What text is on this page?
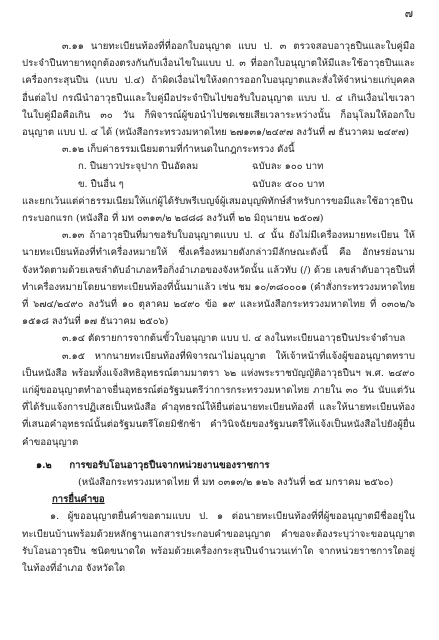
๗

๓.๑๑ นายทะเบียนท้องที่ที่ออกใบอนุญาต แบบ ป. ๓ ตรวจสอบอาวุธปืนและใบคู่มือประจำปืนทายาทถูกต้องตรงกันกับเงื่อนไขในแบบ ป. ๓ ที่ออกใบอนุญาตให้มีและใช้อาวุธปืนและเครื่องกระสุนปืน (แบบ ป.๔) ถ้าผิดเงื่อนไขให้งดการออกใบอนุญาตและสั่งให้จำหน่ายแก่บุคคลอื่นต่อไป กรณีนำอาวุธปืนและใบคู่มือประจำปืนไปขอรับใบอนุญาต แบบ ป. ๔ เกินเงื่อนไขเวลาในใบคู่มือคือเกิน ๓๐ วัน ก็พิจารณ์ผู้ขอนำไปชดเชยเสียเวลาระหว่างนั้น ก็อนุโลมให้ออกใบอนุญาต แบบ ป. ๔ ได้ (หนังสือกระทรวงมหาดไทย ๒๗๑๓๑/๒๔๙๗ ลงวันที่ ๗ ธันวาคม ๒๔๙๗)

๓.๑๒ เก็บค่าธรรมเนียมตามที่กำหนดในกฎกระทรวง ดังนี้

ก. ปืนยาวประจุปาก ปืนอัดลม	ฉบับละ ๑๐๐ บาท
ข. ปืนอื่น ๆ	ฉบับละ ๕๐๐ บาท

และยกเว้นแต่ค่าธรรมเนียมให้แก่ผู้ได้รับพรีเบญจ์ผู้เสมอบุญพิทักษ์สำหรับการขอมีและใช้อาวุธปืนกระบอกแรก (หนังสือ ที่ มท ๐๓๑๓/๒ ๒๘๘๘ ลงวันที่ ๒๒ มิถุนายน ๒๕๐๗)

๓.๑๓ ถ้าอาวุธปืนที่มาขอรับใบอนุญาตแบบ ป. ๔ นั้น ยังไม่มีเครื่องหมายทะเบียน ให้นายทะเบียนท้องที่ทำเครื่องหมายให้ ซึ่งเครื่องหมายดังกล่าวมีลักษณะดังนี้ คือ อักษรย่อนาม จังหวัดตามด้วยเลขลำดับอำเภอหรือกิ่งอำเภอของจังหวัดนั้น แล้วทับ (/) ด้วย เลขลำดับอาวุธปืนที่ทำเครื่องหมายโดยนายทะเบียนท้องที่นั้นมาแล้ว เช่น ชม ๑๐/๓๘๐๐๐๑ (คำสั่งกระทรวงมหาดไทย ที่ ๖๗๔/๒๔๙๐ ลงวันที่ ๑๐ ตุลาคม ๒๔๙๐ ข้อ ๑๙ และหนังสือกระทรวงมหาดไทย ที่ ๐๓๐๒/๖ ๑๕๑๘ ลงวันที่ ๑๗ ธันวาคม ๒๕๐๖)

๓.๑๔ ตัดรายการจากต้นขั้วใบอนุญาต แบบ ป. ๔ ลงในทะเบียนอาวุธปืนประจำตำบล

๓.๑๕ หากนายทะเบียนท้องที่พิจารณาไม่อนุญาต ให้เจ้าหน้าที่แจ้งผู้ขออนุญาตทราบเป็นหนังสือ พร้อมทั้งแจ้งสิทธิอุทธรณ์ตามมาตรา ๖๒ แห่งพระราชบัญญัติอาวุธปืนฯ พ.ศ. ๒๔๙๐ แก่ผู้ขออนุญาตทำอาจยื่นอุทธรณ์ต่อรัฐมนตรีว่าการกระทรวงมหาดไทย ภายใน ๓๐ วัน นับแต่วันที่ได้รับแจ้งการปฏิเสธเป็นหนังสือ คำอุทธรณ์ให้ยื่นต่อนายทะเบียนท้องที่ และให้นายทะเบียนท้องที่เสนอคำอุทธรณ์นั้นต่อรัฐมนตรีโดยมิชักช้า คำวินิจฉัยของรัฐมนตรีให้แจ้งเป็นหนังสือไปยังผู้ยื่นคำขออนุญาต

๑.๒ การขอรับโอนอาวุธปืนจากหน่วยงานของราชการ
(หนังสือกระทรวงมหาดไทย ที่ มท ๐๓๑๓/๒ ๑๒๖ ลงวันที่ ๒๕ มกราคม ๒๕๖๐)
การยื่นคำขอ

๑. ผู้ขออนุญาตยื่นคำขอตามแบบ ป. ๑ ต่อนายทะเบียนท้องที่ที่ผู้ขออนุญาตมีชื่ออยู่ในทะเบียนบ้านพร้อมด้วยหลักฐานเอกสารประกอบคำขออนุญาต คำขอจะต้องระบุว่าจะขออนุญาตรับโอนอาวุธปืน ชนิดขนาดใด พร้อมด้วยเครื่องกระสุนปืนจำนวนเท่าใด จากหน่วยราชการใดอยู่ในท้องที่อำเภอ จังหวัดใด
